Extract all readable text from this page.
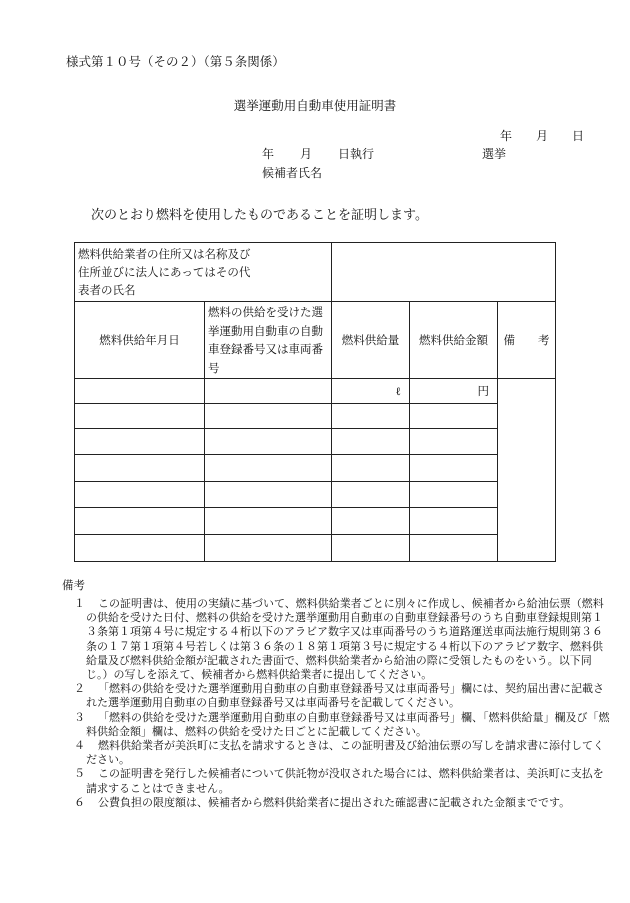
様式第１０号（その２）（第５条関係）
選挙運動用自動車使用証明書
年 月 日
年 月 日執行	選挙
候補者氏名
次のとおり燃料を使用したものであることを証明します。
燃料供給業者の住所又は名称及び住所並びに法人にあってはその代表者の氏名				

燃料供給年月日	燃料の供給を受けた選挙運動用自動車の自動車登録番号又は車両番号	燃料供給量	燃料供給金額	備　　考
		ℓ	円	

備考

１	この証明書は、使用の実績に基づいて、燃料供給業者ごとに別々に作成し、候補者から給油伝票（燃料の供給を受けた日付、燃料の供給を受けた選挙運動用自動車の自動車登録番号のうち自動車登録規則第１３条第１項第４号に規定する４桁以下のアラビア数字又は車両番号のうち道路運送車両法施行規則第３６条の１７第１項第４号若しくは第３６条の１８第１項第３号に規定する４桁以下のアラビア数字、燃料供給量及び燃料供給金額が記載された書面で、燃料供給業者から給油の際に受領したものをいう。以下同じ。）の写しを添えて、候補者から燃料供給業者に提出してください。

２	「燃料の供給を受けた選挙運動用自動車の自動車登録番号又は車両番号」欄には、契約届出書に記載された選挙運動用自動車の自動車登録番号又は車両番号を記載してください。

３	「燃料の供給を受けた選挙運動用自動車の自動車登録番号又は車両番号」欄、「燃料供給量」欄及び「燃料供給金額」欄は、燃料の供給を受けた日ごとに記載してください。

４	燃料供給業者が美浜町に支払を請求するときは、この証明書及び給油伝票の写しを請求書に添付してください。

５	この証明書を発行した候補者について供託物が没収された場合には、燃料供給業者は、美浜町に支払を請求することはできません。

６	公費負担の限度額は、候補者から燃料供給業者に提出された確認書に記載された金額までです。
